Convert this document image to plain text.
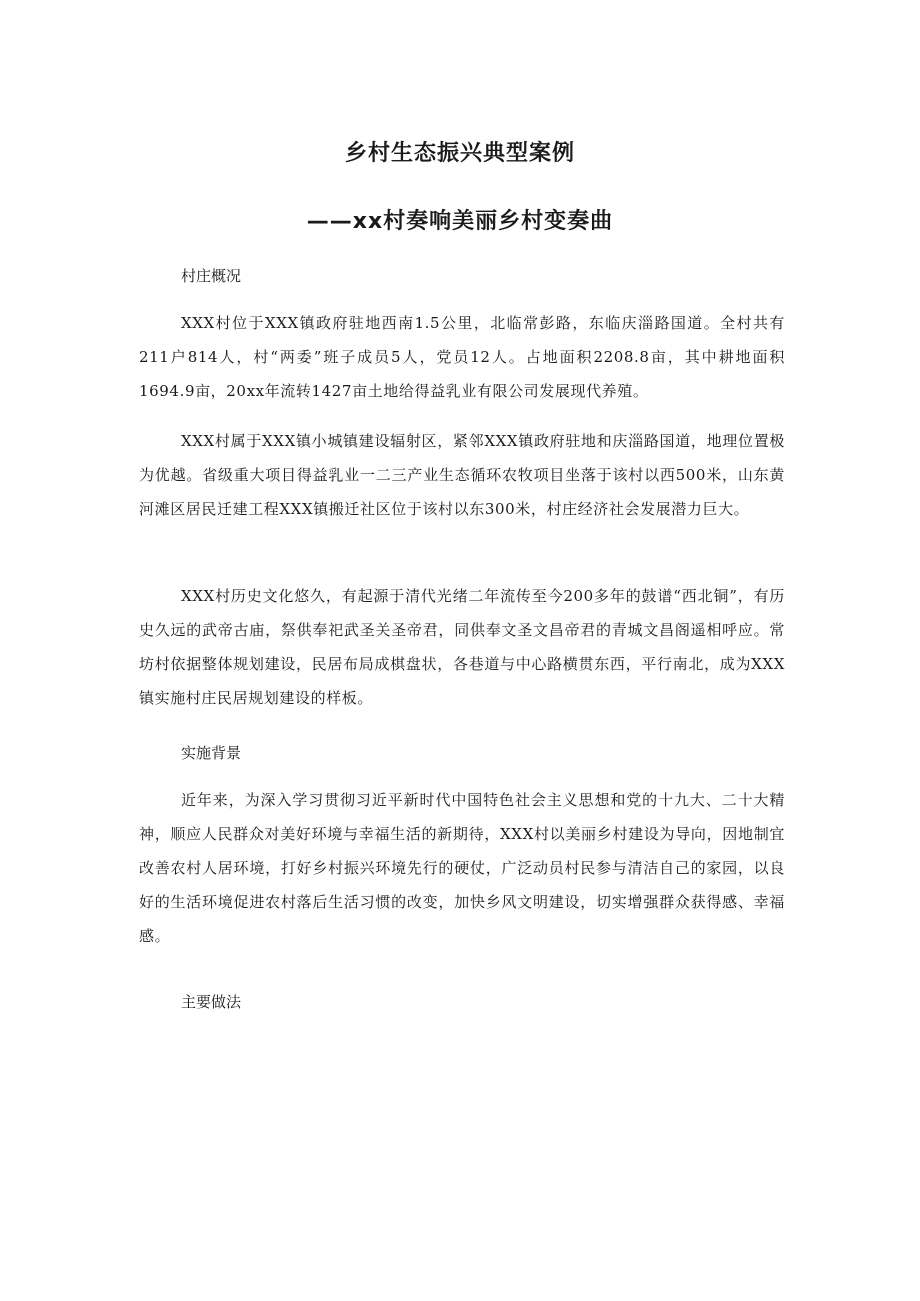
乡村生态振兴典型案例
——xx村奏响美丽乡村变奏曲
村庄概况

XXX村位于XXX镇政府驻地西南1.5公里，北临常彭路，东临庆淄路国道。全村共有211户814人，村“两委”班子成员5人，党员12人。占地面积2208.8亩，其中耕地面积1694.9亩，20xx年流转1427亩土地给得益乳业有限公司发展现代养殖。

XXX村属于XXX镇小城镇建设辐射区，紧邻XXX镇政府驻地和庆淄路国道，地理位置极为优越。省级重大项目得益乳业一二三产业生态循环农牧项目坐落于该村以西500米，山东黄河滩区居民迁建工程XXX镇搬迁社区位于该村以东300米，村庄经济社会发展潜力巨大。

XXX村历史文化悠久，有起源于清代光绪二年流传至今200多年的鼓谱“西北铜”，有历史久远的武帝古庙，祭供奉祀武圣关圣帝君，同供奉文圣文昌帝君的青城文昌阁遥相呼应。常坊村依据整体规划建设，民居布局成棋盘状，各巷道与中心路横贯东西，平行南北，成为XXX镇实施村庄民居规划建设的样板。

实施背景

近年来，为深入学习贯彻习近平新时代中国特色社会主义思想和党的十九大、二十大精神，顺应人民群众对美好环境与幸福生活的新期待，XXX村以美丽乡村建设为导向，因地制宜改善农村人居环境，打好乡村振兴环境先行的硬仗，广泛动员村民参与清洁自己的家园，以良好的生活环境促进农村落后生活习惯的改变，加快乡风文明建设，切实增强群众获得感、幸福感。

主要做法
